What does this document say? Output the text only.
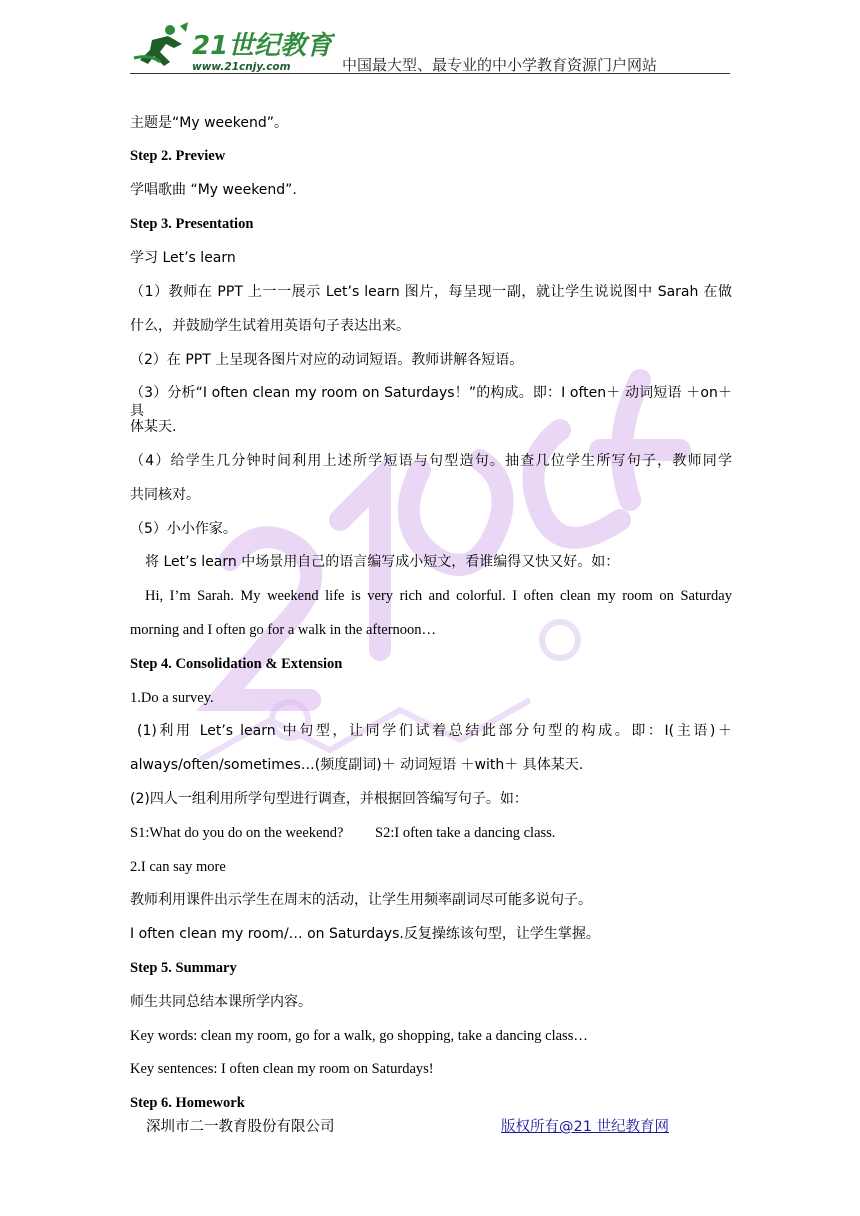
21世纪教育
www.21cnjy.com	中国最大型、最专业的中小学教育资源门户网站
主题是“My weekend”。
Step 2. Preview
学唱歌曲 “My weekend”.
Step 3. Presentation
学习 Let’s learn
（1）教师在 PPT 上一一展示 Let’s learn 图片，每呈现一副，就让学生说说图中 Sarah 在做
什么，并鼓励学生试着用英语句子表达出来。
（2）在 PPT 上呈现各图片对应的动词短语。教师讲解各短语。
（3）分析“I often clean my room on Saturdays！”的构成。即：I often＋ 动词短语 ＋on＋ 具
体某天.
（4）给学生几分钟时间利用上述所学短语与句型造句。抽查几位学生所写句子，教师同学
共同核对。
（5）小小作家。
将 Let’s learn 中场景用自己的语言编写成小短文，看谁编得又快又好。如：
Hi, I’m Sarah. My weekend life is very rich and colorful. I often clean my room on Saturday
morning and I often go for a walk in the afternoon…
Step 4. Consolidation & Extension
1.Do a survey.
(1)利用 Let’s learn 中句型，让同学们试着总结此部分句型的构成。即：I(主语)＋
always/often/sometimes…(频度副词)＋ 动词短语 ＋with＋ 具体某天.
(2)四人一组利用所学句型进行调查，并根据回答编写句子。如：
S1:What do you do on the weekend? S2:I often take a dancing class.
2.I can say more
教师利用课件出示学生在周末的活动，让学生用频率副词尽可能多说句子。
I often clean my room/… on Saturdays.反复操练该句型，让学生掌握。
Step 5. Summary
师生共同总结本课所学内容。
Key words: clean my room, go for a walk, go shopping, take a dancing class…
Key sentences: I often clean my room on Saturdays!
Step 6. Homework
深圳市二一教育股份有限公司	版权所有@21 世纪教育网
